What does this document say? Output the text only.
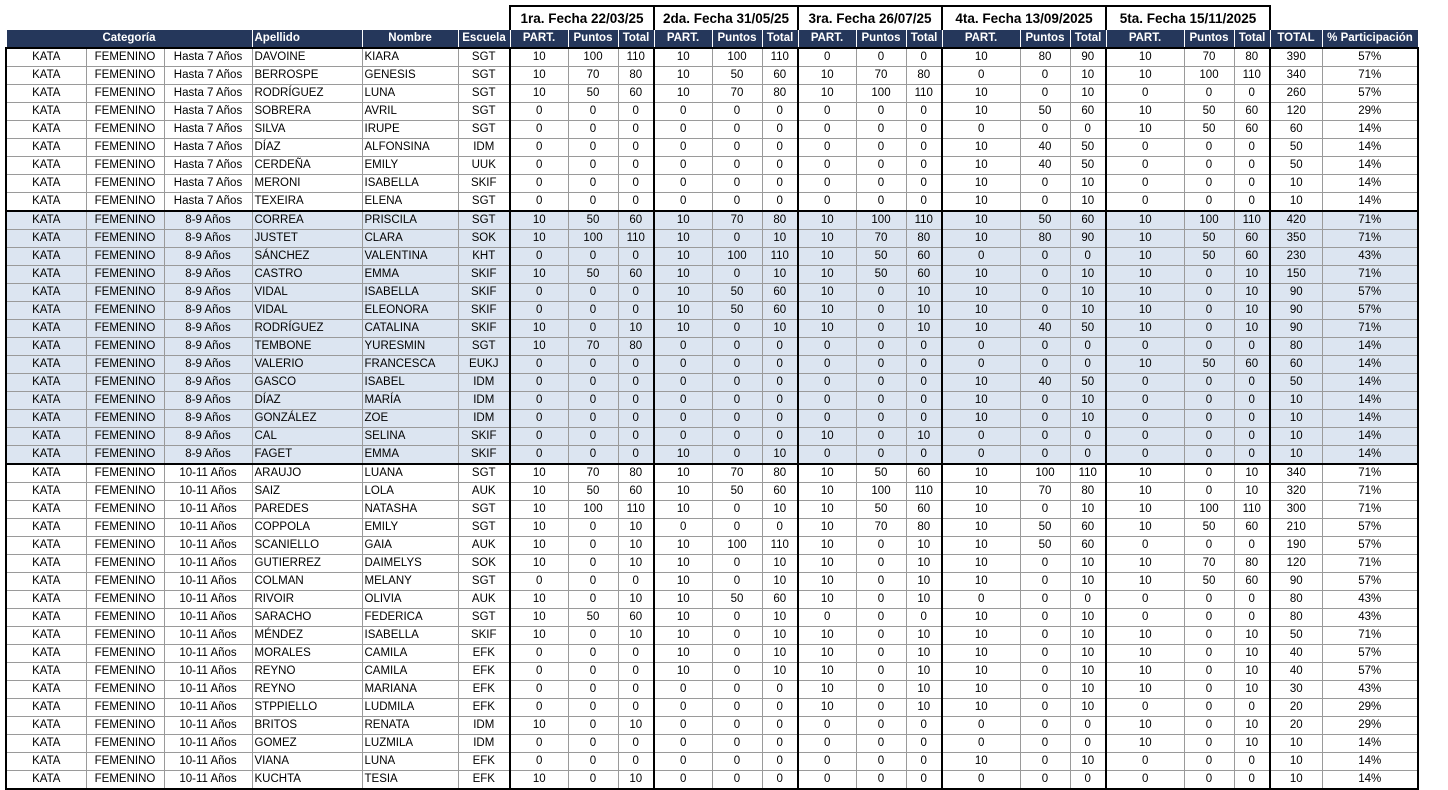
						1ra. Fecha 22/03/25			2da. Fecha 31/05/25			3ra. Fecha 26/07/25			4ta. Fecha 13/09/2025			5ta. Fecha 15/11/2025				
Categoría			Apellido	Nombre	Escuela	PART.	Puntos	Total	PART.	Puntos	Total	PART.	Puntos	Total	PART.	Puntos	Total	PART.	Puntos	Total	TOTAL	% Participación
KATA	FEMENINO	Hasta 7 Años	DAVOINE	KIARA	SGT	10	100	110	10	100	110	0	0	0	10	80	90	10	70	80	390	57%
KATA	FEMENINO	Hasta 7 Años	BERROSPE	GENESIS	SGT	10	70	80	10	50	60	10	70	80	0	0	10	10	100	110	340	71%
KATA	FEMENINO	Hasta 7 Años	RODRÍGUEZ	LUNA	SGT	10	50	60	10	70	80	10	100	110	10	0	10	0	0	0	260	57%
KATA	FEMENINO	Hasta 7 Años	SOBRERA	AVRIL	SGT	0	0	0	0	0	0	0	0	0	10	50	60	10	50	60	120	29%
KATA	FEMENINO	Hasta 7 Años	SILVA	IRUPE	SGT	0	0	0	0	0	0	0	0	0	0	0	0	10	50	60	60	14%
KATA	FEMENINO	Hasta 7 Años	DÍAZ	ALFONSINA	IDM	0	0	0	0	0	0	0	0	0	10	40	50	0	0	0	50	14%
KATA	FEMENINO	Hasta 7 Años	CERDEÑA	EMILY	UUK	0	0	0	0	0	0	0	0	0	10	40	50	0	0	0	50	14%
KATA	FEMENINO	Hasta 7 Años	MERONI	ISABELLA	SKIF	0	0	0	0	0	0	0	0	0	10	0	10	0	0	0	10	14%
KATA	FEMENINO	Hasta 7 Años	TEXEIRA	ELENA	SGT	0	0	0	0	0	0	0	0	0	10	0	10	0	0	0	10	14%
KATA	FEMENINO	8-9 Años	CORREA	PRISCILA	SGT	10	50	60	10	70	80	10	100	110	10	50	60	10	100	110	420	71%
KATA	FEMENINO	8-9 Años	JUSTET	CLARA	SOK	10	100	110	10	0	10	10	70	80	10	80	90	10	50	60	350	71%
KATA	FEMENINO	8-9 Años	SÁNCHEZ	VALENTINA	KHT	0	0	0	10	100	110	10	50	60	0	0	0	10	50	60	230	43%
KATA	FEMENINO	8-9 Años	CASTRO	EMMA	SKIF	10	50	60	10	0	10	10	50	60	10	0	10	10	0	10	150	71%
KATA	FEMENINO	8-9 Años	VIDAL	ISABELLA	SKIF	0	0	0	10	50	60	10	0	10	10	0	10	10	0	10	90	57%
KATA	FEMENINO	8-9 Años	VIDAL	ELEONORA	SKIF	0	0	0	10	50	60	10	0	10	10	0	10	10	0	10	90	57%
KATA	FEMENINO	8-9 Años	RODRÍGUEZ	CATALINA	SKIF	10	0	10	10	0	10	10	0	10	10	40	50	10	0	10	90	71%
KATA	FEMENINO	8-9 Años	TEMBONE	YURESMIN	SGT	10	70	80	0	0	0	0	0	0	0	0	0	0	0	0	80	14%
KATA	FEMENINO	8-9 Años	VALERIO	FRANCESCA	EUKJ	0	0	0	0	0	0	0	0	0	0	0	0	10	50	60	60	14%
KATA	FEMENINO	8-9 Años	GASCO	ISABEL	IDM	0	0	0	0	0	0	0	0	0	10	40	50	0	0	0	50	14%
KATA	FEMENINO	8-9 Años	DÍAZ	MARÍA	IDM	0	0	0	0	0	0	0	0	0	10	0	10	0	0	0	10	14%
KATA	FEMENINO	8-9 Años	GONZÁLEZ	ZOE	IDM	0	0	0	0	0	0	0	0	0	10	0	10	0	0	0	10	14%
KATA	FEMENINO	8-9 Años	CAL	SELINA	SKIF	0	0	0	0	0	0	10	0	10	0	0	0	0	0	0	10	14%
KATA	FEMENINO	8-9 Años	FAGET	EMMA	SKIF	0	0	0	10	0	10	0	0	0	0	0	0	0	0	0	10	14%
KATA	FEMENINO	10-11 Años	ARAUJO	LUANA	SGT	10	70	80	10	70	80	10	50	60	10	100	110	10	0	10	340	71%
KATA	FEMENINO	10-11 Años	SAIZ	LOLA	AUK	10	50	60	10	50	60	10	100	110	10	70	80	10	0	10	320	71%
KATA	FEMENINO	10-11 Años	PAREDES	NATASHA	SGT	10	100	110	10	0	10	10	50	60	10	0	10	10	100	110	300	71%
KATA	FEMENINO	10-11 Años	COPPOLA	EMILY	SGT	10	0	10	0	0	0	10	70	80	10	50	60	10	50	60	210	57%
KATA	FEMENINO	10-11 Años	SCANIELLO	GAIA	AUK	10	0	10	10	100	110	10	0	10	10	50	60	0	0	0	190	57%
KATA	FEMENINO	10-11 Años	GUTIERREZ	DAIMELYS	SOK	10	0	10	10	0	10	10	0	10	10	0	10	10	70	80	120	71%
KATA	FEMENINO	10-11 Años	COLMAN	MELANY	SGT	0	0	0	10	0	10	10	0	10	10	0	10	10	50	60	90	57%
KATA	FEMENINO	10-11 Años	RIVOIR	OLIVIA	AUK	10	0	10	10	50	60	10	0	10	0	0	0	0	0	0	80	43%
KATA	FEMENINO	10-11 Años	SARACHO	FEDERICA	SGT	10	50	60	10	0	10	0	0	0	10	0	10	0	0	0	80	43%
KATA	FEMENINO	10-11 Años	MÉNDEZ	ISABELLA	SKIF	10	0	10	10	0	10	10	0	10	10	0	10	10	0	10	50	71%
KATA	FEMENINO	10-11 Años	MORALES	CAMILA	EFK	0	0	0	10	0	10	10	0	10	10	0	10	10	0	10	40	57%
KATA	FEMENINO	10-11 Años	REYNO	CAMILA	EFK	0	0	0	10	0	10	10	0	10	10	0	10	10	0	10	40	57%
KATA	FEMENINO	10-11 Años	REYNO	MARIANA	EFK	0	0	0	0	0	0	10	0	10	10	0	10	10	0	10	30	43%
KATA	FEMENINO	10-11 Años	STPPIELLO	LUDMILA	EFK	0	0	0	0	0	0	10	0	10	10	0	10	0	0	0	20	29%
KATA	FEMENINO	10-11 Años	BRITOS	RENATA	IDM	10	0	10	0	0	0	0	0	0	0	0	0	10	0	10	20	29%
KATA	FEMENINO	10-11 Años	GOMEZ	LUZMILA	IDM	0	0	0	0	0	0	0	0	0	0	0	0	10	0	10	10	14%
KATA	FEMENINO	10-11 Años	VIANA	LUNA	EFK	0	0	0	0	0	0	0	0	0	10	0	10	0	0	0	10	14%
KATA	FEMENINO	10-11 Años	KUCHTA	TESIA	EFK	10	0	10	0	0	0	0	0	0	0	0	0	0	0	0	10	14%
